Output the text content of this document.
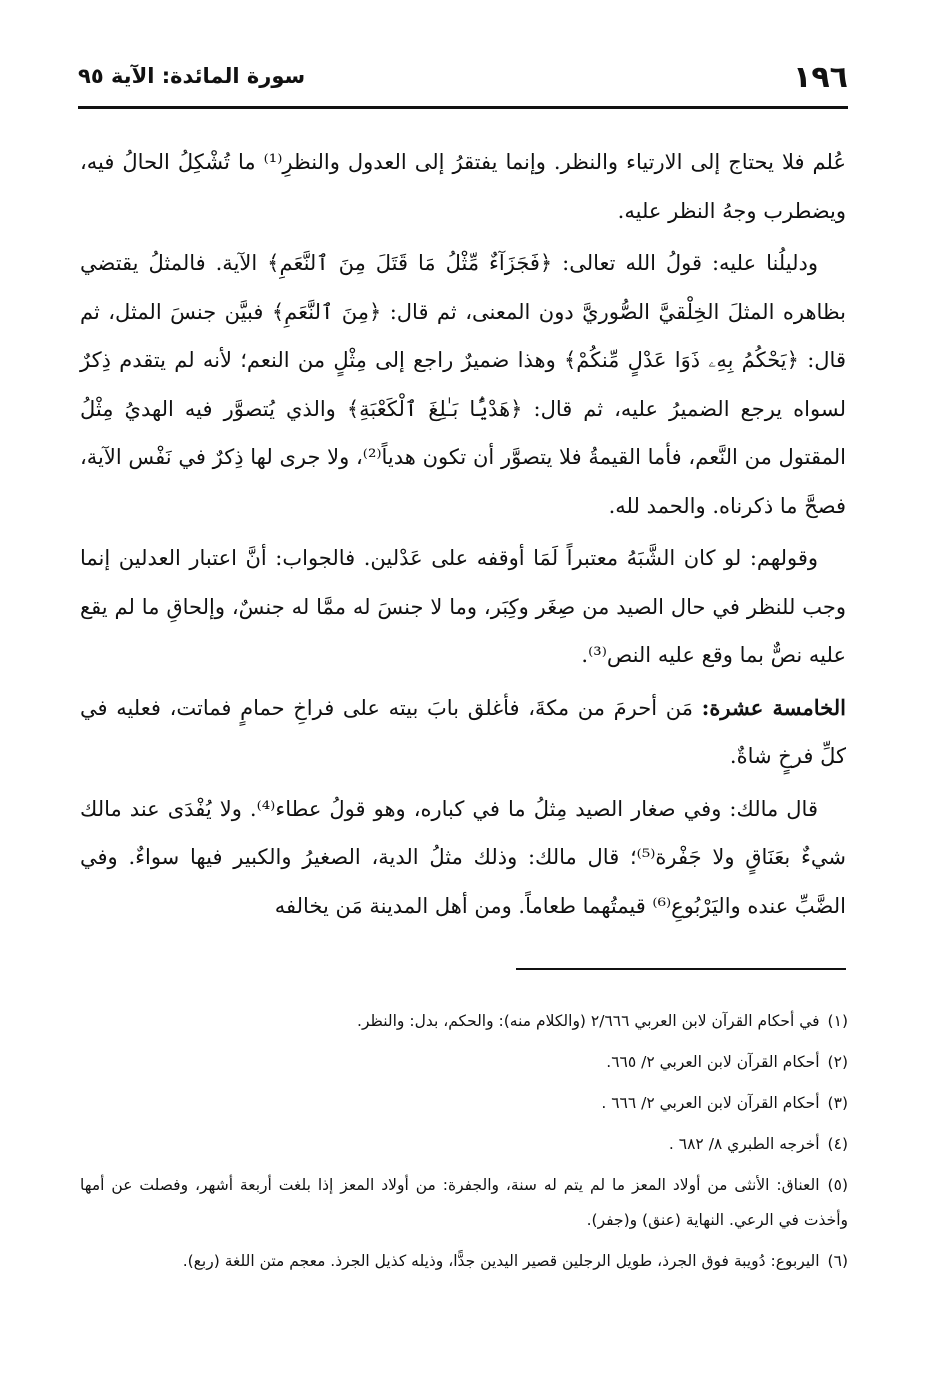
١٩٦
سورة المائدة: الآية ٩٥

عُلم فلا يحتاج إلى الارتياء والنظر. وإنما يفتقرُ إلى العدول والنظرِ⁽¹⁾ ما تُشْكِلُ الحالُ فيه، ويضطرب وجهُ النظر عليه.

ودليلُنا عليه: قولُ الله تعالى: ﴿فَجَزَآءٌ مِّثْلُ مَا قَتَلَ مِنَ ٱلنَّعَمِ﴾ الآية. فالمثلُ يقتضي بظاهره المثلَ الخِلْقيَّ الصُّوريَّ دون المعنى، ثم قال: ﴿مِنَ ٱلنَّعَمِ﴾ فبيَّن جنسَ المثل، ثم قال: ﴿يَحْكُمُ بِهِۦ ذَوَا عَدْلٍ مِّنكُمْ﴾ وهذا ضميرٌ راجع إلى مِثْلٍ من النعم؛ لأنه لم يتقدم ذِكرٌ لسواه يرجع الضميرُ عليه، ثم قال: ﴿هَدْيًۢا بَـٰلِغَ ٱلْكَعْبَةِ﴾ والذي يُتصوَّر فيه الهديُ مِثْلُ المقتول من النَّعم، فأما القيمةُ فلا يتصوَّر أن تكون هدياً⁽²⁾، ولا جرى لها ذِكرٌ في نَفْس الآية، فصحَّ ما ذكرناه. والحمد لله.

وقولهم: لو كان الشَّبَهُ معتبراً لَمَا أوقفه على عَدْلين. فالجواب: أنَّ اعتبار العدلين إنما وجب للنظر في حال الصيد من صِغَر وكِبَر، وما لا جنسَ له ممَّا له جنسٌ، وإلحاقِ ما لم يقع عليه نصٌّ بما وقع عليه النص⁽³⁾.

الخامسة عشرة: مَن أحرمَ من مكةَ، فأغلق بابَ بيته على فراخِ حمامٍ فماتت، فعليه في كلِّ فرخٍ شاةٌ.

قال مالك: وفي صغار الصيد مِثلُ ما في كباره، وهو قولُ عطاء⁽⁴⁾. ولا يُفْدَى عند مالك شيءٌ بعَنَاقٍ ولا جَفْرة⁽⁵⁾؛ قال مالك: وذلك مثلُ الدية، الصغيرُ والكبير فيها سواءٌ. وفي الضَّبِّ عنده واليَرْبُوعِ⁽⁶⁾ قيمتُهما طعاماً. ومن أهل المدينة مَن يخالفه

(١)في أحكام القرآن لابن العربي ٢/٦٦٦ (والكلام منه): والحكم، بدل: والنظر.

(٢)أحكام القرآن لابن العربي ٢/ ٦٦٥.

(٣)أحكام القرآن لابن العربي ٢/ ٦٦٦ .

(٤)أخرجه الطبري ٨/ ٦٨٢ .

(٥)العناق: الأنثى من أولاد المعز ما لم يتم له سنة، والجفرة: من أولاد المعز إذا بلغت أربعة أشهر، وفصلت عن أمها وأخذت في الرعي. النهاية (عنق) و(جفر).

(٦)اليربوع: دُويبة فوق الجرذ، طويل الرجلين قصير اليدين جدًّا، وذيله كذيل الجرذ. معجم متن اللغة (ربع).
